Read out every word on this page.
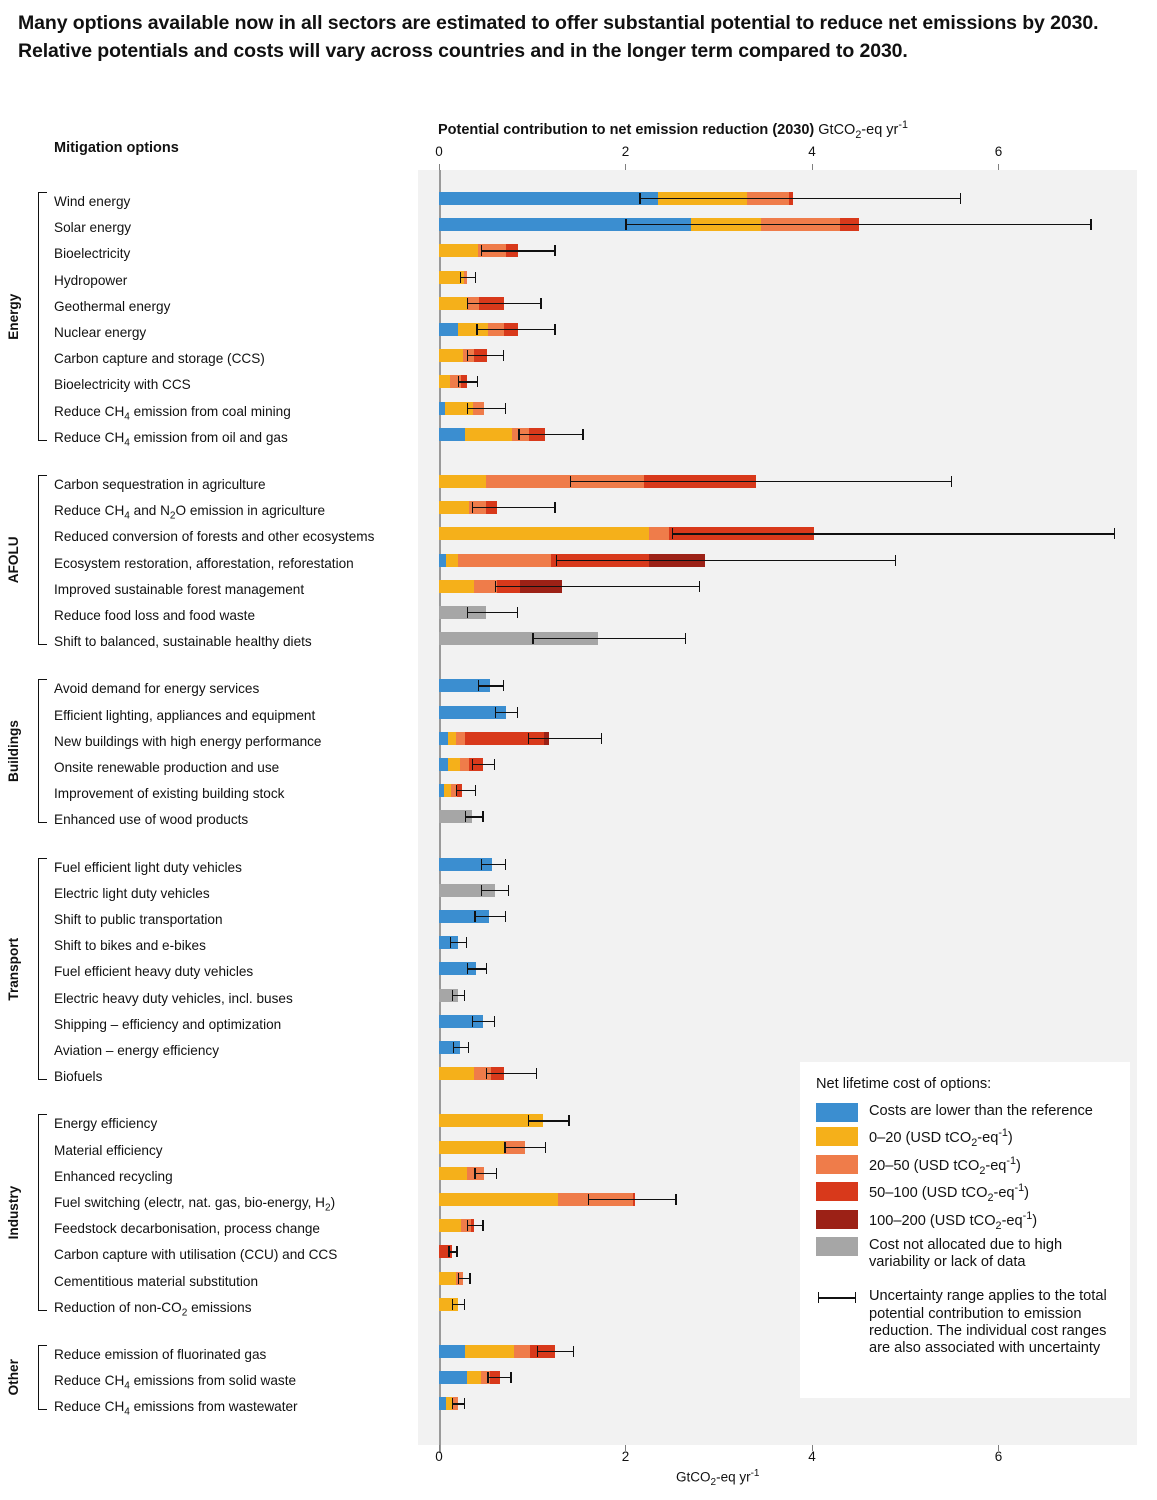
Many options available now in all sectors are estimated to offer substantial potential to reduce net emissions by 2030. Relative potentials and costs will vary across countries and in the longer term compared to 2030.
Mitigation options
Potential contribution to net emission reduction (2030) GtCO$_2$-eq $yr^{-1}$
0	2	4	6
Wind energy
Solar energy
Bioelectricity
Hydropower
Geothermal energy
Nuclear energy
Carbon capture and storage (CCS)
Bioelectricity with CCS
Reduce $CH_4$ emission from coal mining
Reduce $CH_4$ emission from oil and gas
Carbon sequestration in agriculture
Reduce $CH_4$ and $N_2O$ emission in agriculture
Reduced conversion of forests and other ecosystems
Ecosystem restoration, afforestation, reforestation
Improved sustainable forest management
Reduce food loss and food waste
Shift to balanced, sustainable healthy diets
Avoid demand for energy services
Efficient lighting, appliances and equipment
New buildings with high energy performance
Onsite renewable production and use
Improvement of existing building stock
Enhanced use of wood products
Fuel efficient light duty vehicles
Electric light duty vehicles
Shift to public transportation
Shift to bikes and e-bikes
Fuel efficient heavy duty vehicles
Electric heavy duty vehicles, incl. buses
Shipping – efficiency and optimization
Aviation – energy efficiency
Biofuels
Energy efficiency
Material efficiency
Enhanced recycling
Fuel switching (electr, nat. gas, bio-energy, $H_2$)
Feedstock decarbonisation, process change
Carbon capture with utilisation (CCU) and CCS
Cementitious material substitution
Reduction of non-$CO_2$ emissions
Reduce emission of fluorinated gas
Reduce $CH_4$ emissions from solid waste
Reduce $CH_4$ emissions from wastewater
Energy
AFOLU
Buildings
Transport
Industry
Other
0	2	4	6
GtCO$_2$-eq $yr^{-1}$
Net lifetime cost of options:
Costs are lower than the reference
0–20 (USD $tCO_2-eq^{-1}$)
20–50 (USD $tCO_2-eq^{-1}$)
50–100 (USD $tCO_2-eq^{-1}$)
100–200 (USD $tCO_2-eq^{-1}$)
Cost not allocated due to high variability or lack of data
Uncertainty range applies to the total potential contribution to emission reduction. The individual cost ranges are also associated with uncertainty
